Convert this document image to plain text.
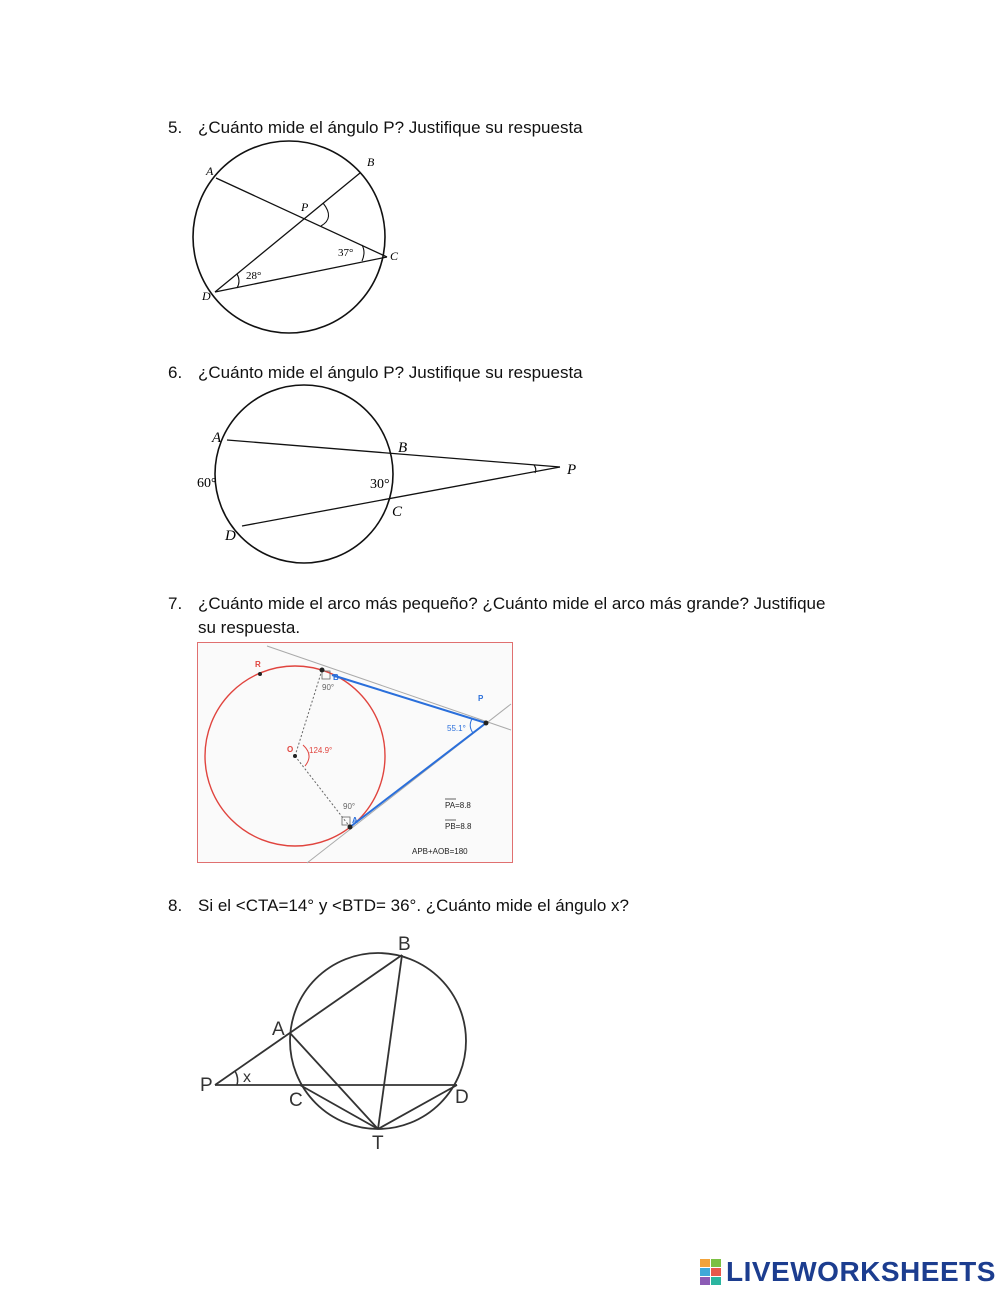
5. ¿Cuánto mide el ángulo P? Justifique su respuesta
A
B
P
C
D
37°
28°
6. ¿Cuánto mide el ángulo P? Justifique su respuesta
A
B
P
C
D
60°	30°
7. ¿Cuánto mide el arco más pequeño? ¿Cuánto mide el arco más grande? Justifique
su respuesta.
R
B
P
O
A
90°
90°
124.9°
55.1°
PA=8.8
PB=8.8
APB+AOB=180
8. Si el <CTA=14° y <BTD= 36°. ¿Cuánto mide el ángulo x?
B
A
P x
C	D
T
LIVEWORKSHEETS
